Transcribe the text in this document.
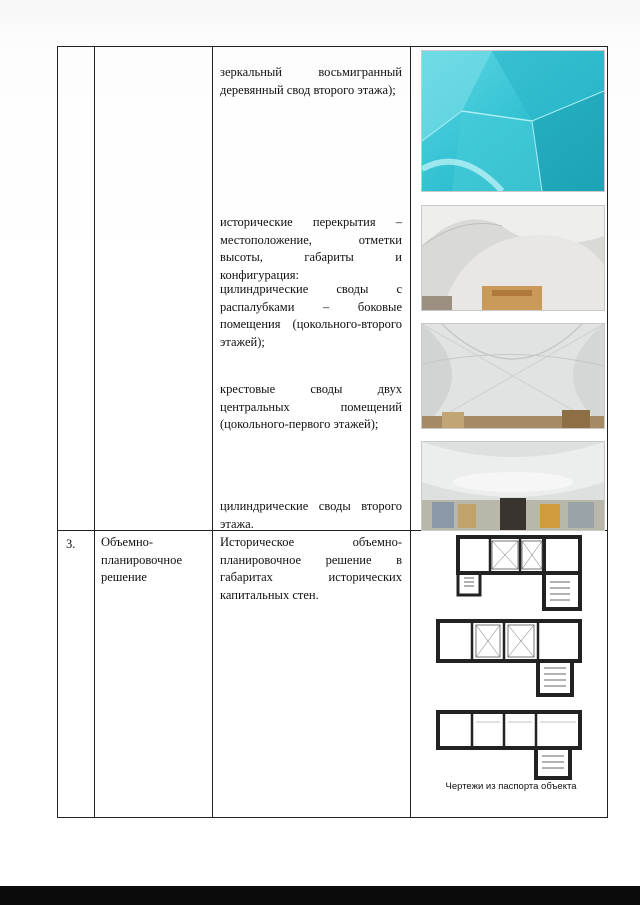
зеркальный восьмигранный деревянный свод второго этажа);
исторические перекрытия – местоположение, отметки высоты, габариты и конфигурация:
цилиндрические своды с распалубками – боковые помещения (цокольного-второго этажей);
крестовые своды двух центральных помещений (цокольного-первого этажей);
цилиндрические своды второго этажа.
3. Объемно-планировочное решение
Историческое объемно-планировочное решение в габаритах исторических капитальных стен.
Чертежи из паспорта объекта
